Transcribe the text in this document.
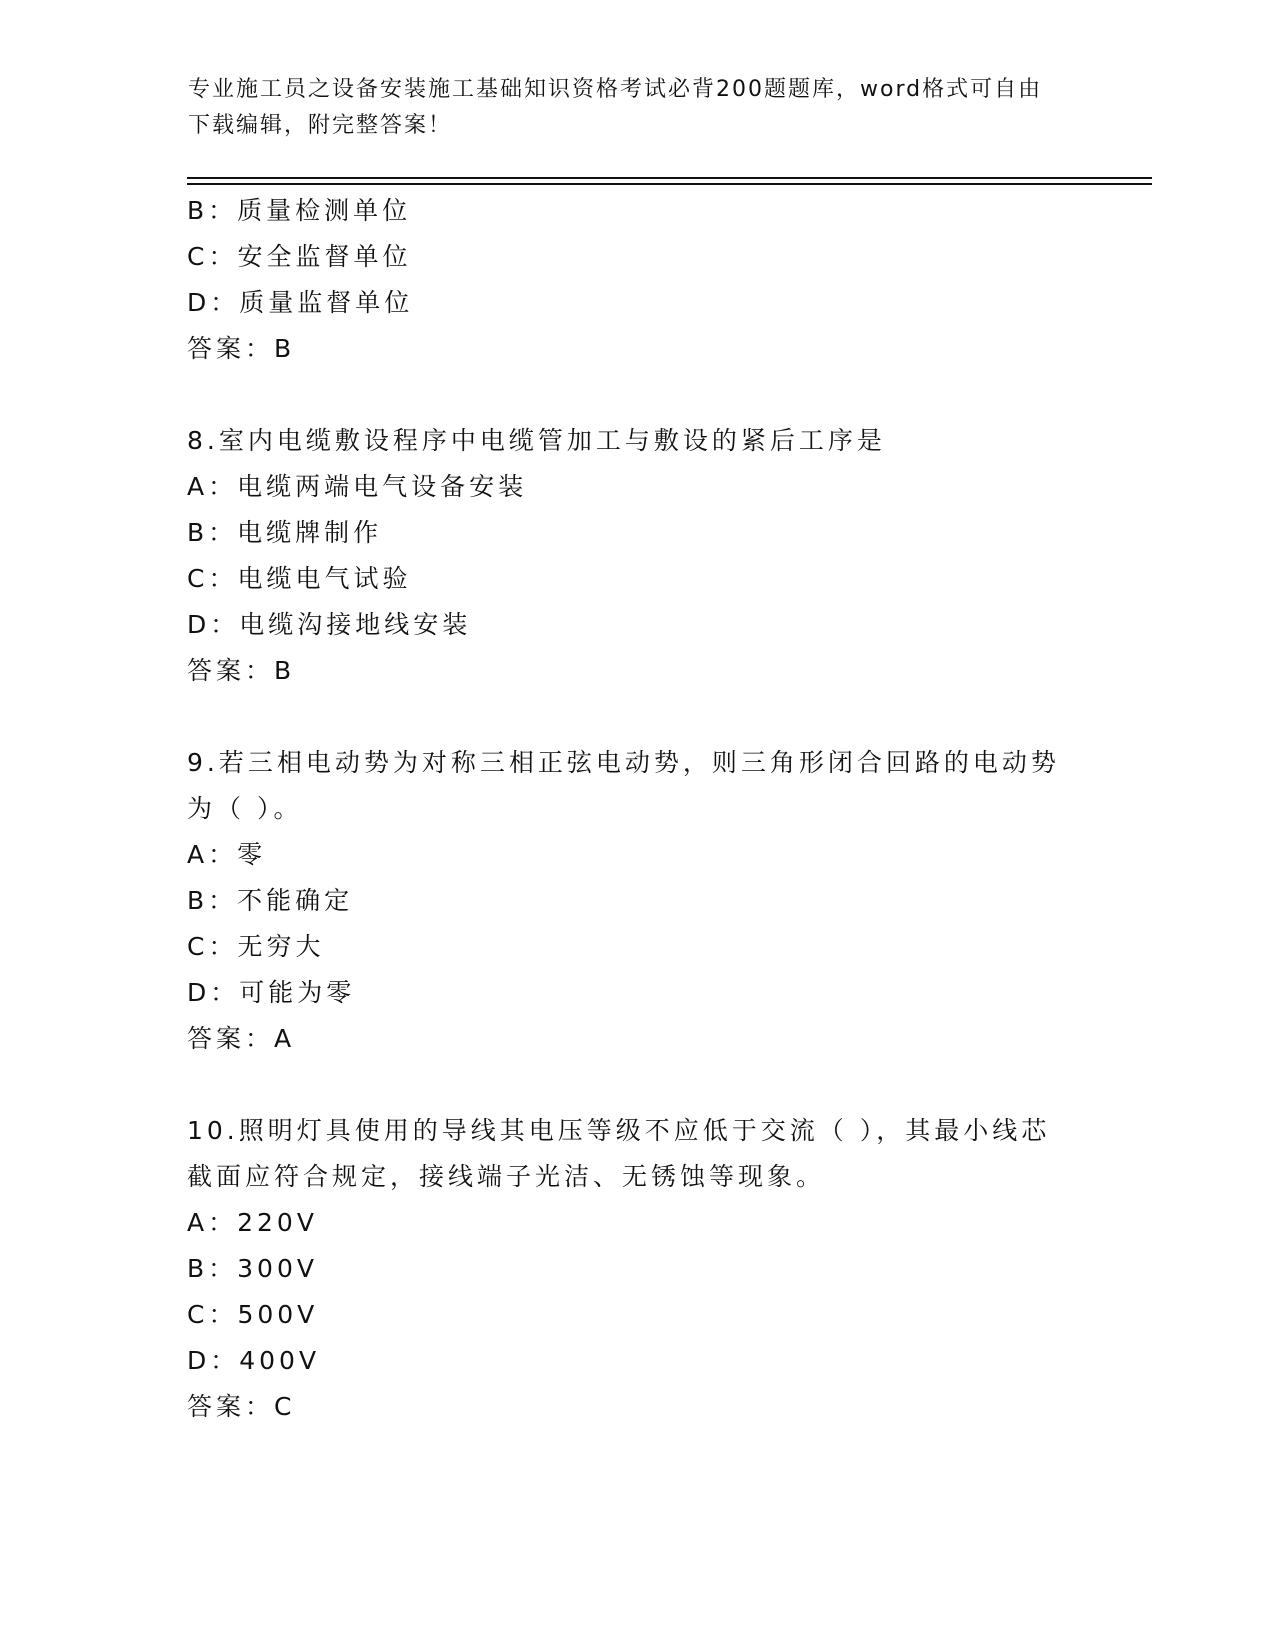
专业施工员之设备安装施工基础知识资格考试必背200题题库，word格式可自由
下载编辑，附完整答案！
B：质量检测单位
C：安全监督单位
D：质量监督单位
答案：B
8.室内电缆敷设程序中电缆管加工与敷设的紧后工序是
A：电缆两端电气设备安装
B：电缆牌制作
C：电缆电气试验
D：电缆沟接地线安装
答案：B
9.若三相电动势为对称三相正弦电动势，则三角形闭合回路的电动势
为（ ）。
A：零
B：不能确定
C：无穷大
D：可能为零
答案：A
10.照明灯具使用的导线其电压等级不应低于交流（ ），其最小线芯
截面应符合规定，接线端子光洁、无锈蚀等现象。
A：220V
B：300V
C：500V
D：400V
答案：C
